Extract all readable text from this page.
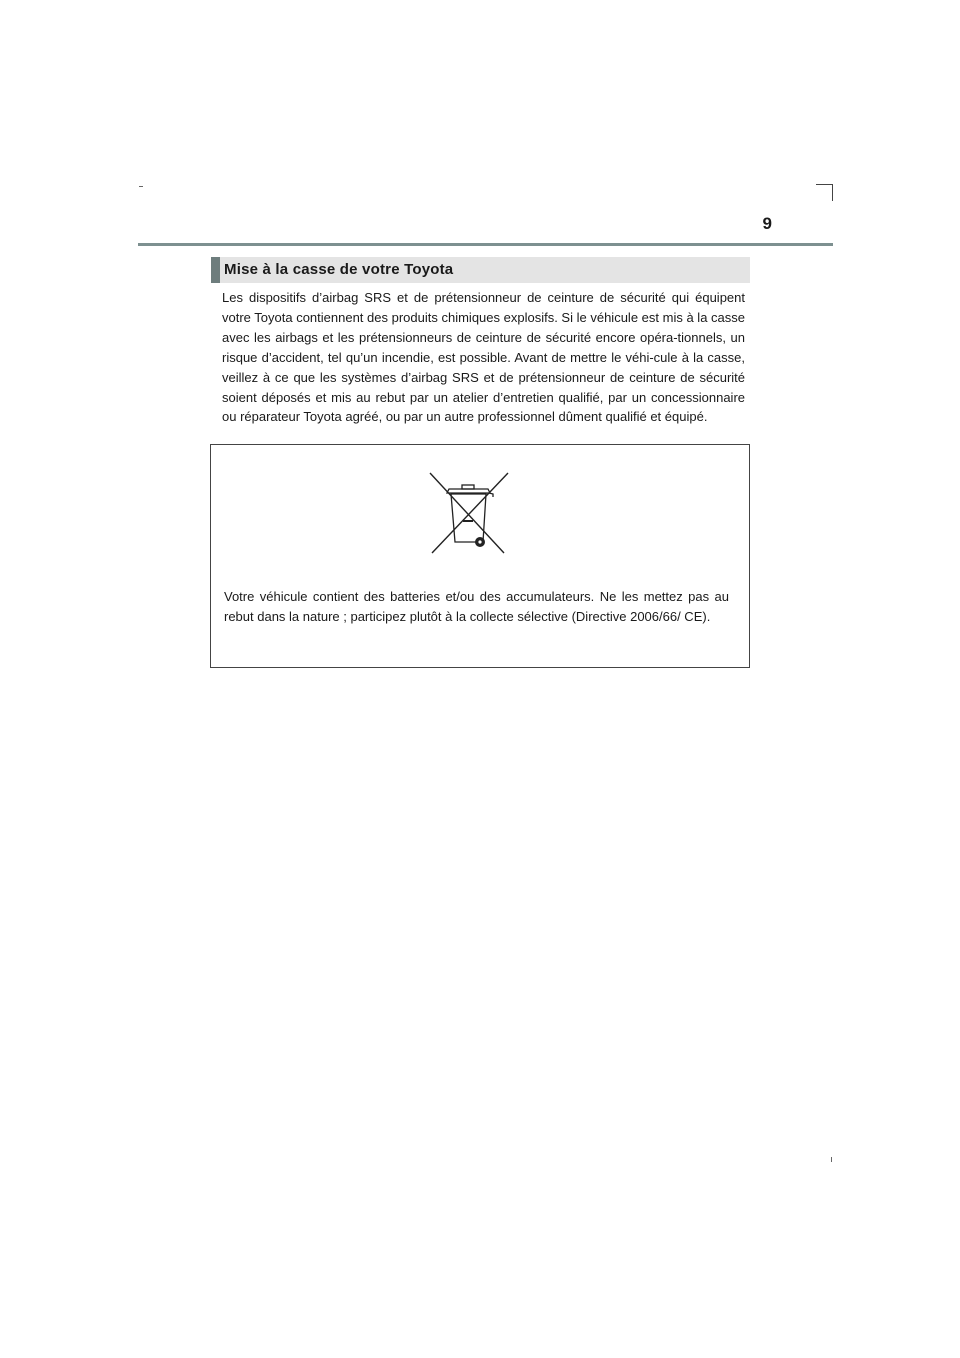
9
Mise à la casse de votre Toyota

Les dispositifs d’airbag SRS et de prétensionneur de ceinture de sécurité qui équipent votre Toyota contiennent des produits chimiques explosifs. Si le véhicule est mis à la casse avec les airbags et les prétensionneurs de ceinture de sécurité encore opéra-tionnels, un risque d’accident, tel qu’un incendie, est possible. Avant de mettre le véhi-cule à la casse, veillez à ce que les systèmes d’airbag SRS et de prétensionneur de ceinture de sécurité soient déposés et mis au rebut par un atelier d’entretien qualifié, par un concessionnaire ou réparateur Toyota agréé, ou par un autre professionnel dûment qualifié et équipé.

Votre véhicule contient des batteries et/ou des accumulateurs. Ne les mettez pas au rebut dans la nature ; participez plutôt à la collecte sélective (Directive 2006/66/ CE).
